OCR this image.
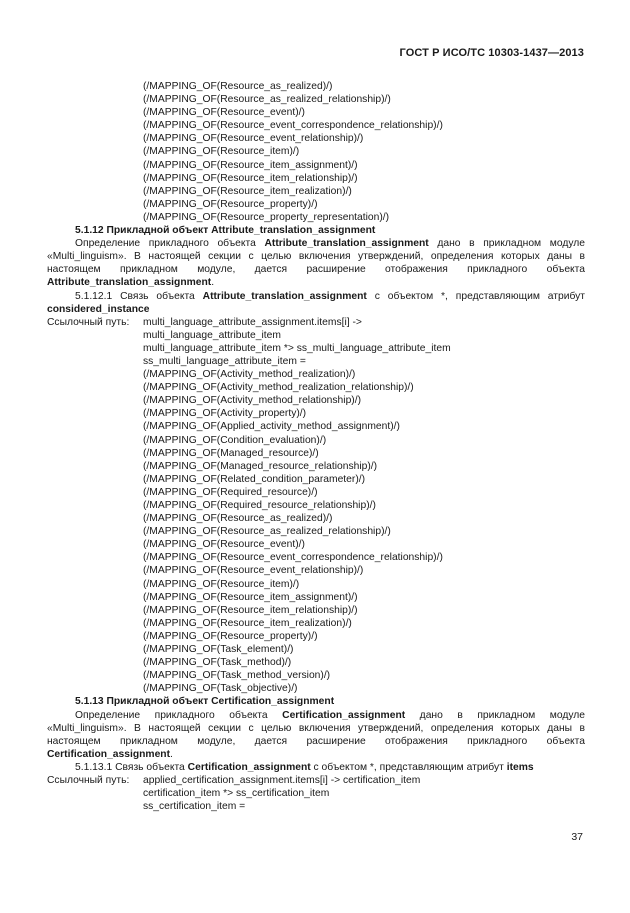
ГОСТ Р ИСО/ТС 10303-1437—2013
(/MAPPING_OF(Resource_as_realized)/)
(/MAPPING_OF(Resource_as_realized_relationship)/)
(/MAPPING_OF(Resource_event)/)
(/MAPPING_OF(Resource_event_correspondence_relationship)/)
(/MAPPING_OF(Resource_event_relationship)/)
(/MAPPING_OF(Resource_item)/)
(/MAPPING_OF(Resource_item_assignment)/)
(/MAPPING_OF(Resource_item_relationship)/)
(/MAPPING_OF(Resource_item_realization)/)
(/MAPPING_OF(Resource_property)/)
(/MAPPING_OF(Resource_property_representation)/)
5.1.12 Прикладной объект Attribute_translation_assignment
Определение прикладного объекта Attribute_translation_assignment дано в прикладном модуле «Multi_linguism». В настоящей секции с целью включения утверждений, определения которых даны в настоящем прикладном модуле, дается расширение отображения прикладного объекта Attribute_translation_assignment.
5.1.12.1 Связь объекта Attribute_translation_assignment с объектом *, представляющим атрибут considered_instance
Ссылочный путь:	multi_language_attribute_assignment.items[i] ->
multi_language_attribute_item
multi_language_attribute_item *> ss_multi_language_attribute_item
ss_multi_language_attribute_item =
(/MAPPING_OF(Activity_method_realization)/)
(/MAPPING_OF(Activity_method_realization_relationship)/)
(/MAPPING_OF(Activity_method_relationship)/)
(/MAPPING_OF(Activity_property)/)
(/MAPPING_OF(Applied_activity_method_assignment)/)
(/MAPPING_OF(Condition_evaluation)/)
(/MAPPING_OF(Managed_resource)/)
(/MAPPING_OF(Managed_resource_relationship)/)
(/MAPPING_OF(Related_condition_parameter)/)
(/MAPPING_OF(Required_resource)/)
(/MAPPING_OF(Required_resource_relationship)/)
(/MAPPING_OF(Resource_as_realized)/)
(/MAPPING_OF(Resource_as_realized_relationship)/)
(/MAPPING_OF(Resource_event)/)
(/MAPPING_OF(Resource_event_correspondence_relationship)/)
(/MAPPING_OF(Resource_event_relationship)/)
(/MAPPING_OF(Resource_item)/)
(/MAPPING_OF(Resource_item_assignment)/)
(/MAPPING_OF(Resource_item_relationship)/)
(/MAPPING_OF(Resource_item_realization)/)
(/MAPPING_OF(Resource_property)/)
(/MAPPING_OF(Task_element)/)
(/MAPPING_OF(Task_method)/)
(/MAPPING_OF(Task_method_version)/)
(/MAPPING_OF(Task_objective)/)
5.1.13 Прикладной объект Certification_assignment
Определение прикладного объекта Certification_assignment дано в прикладном модуле «Multi_linguism». В настоящей секции с целью включения утверждений, определения которых даны в настоящем прикладном модуле, дается расширение отображения прикладного объекта Certification_assignment.
5.1.13.1 Связь объекта Certification_assignment с объектом *, представляющим атрибут items
Ссылочный путь:	applied_certification_assignment.items[i] -> certification_item
certification_item *> ss_certification_item
ss_certification_item =
37
